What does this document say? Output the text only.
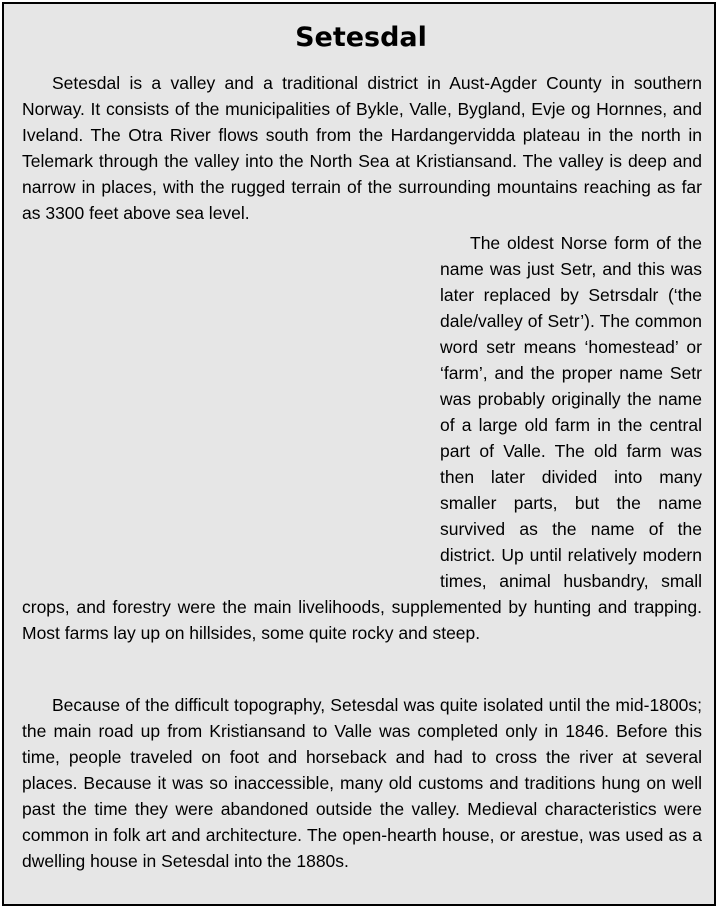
Setesdal

Setesdal is a valley and a traditional district in Aust-Agder County in southern Norway. It consists of the municipalities of Bykle, Valle, Bygland, Evje og Hornnes, and Iveland. The Otra River flows south from the Hardangervidda plateau in the north in Telemark through the valley into the North Sea at Kristiansand. The valley is deep and narrow in places, with the rugged terrain of the surrounding mountains reaching as far as 3300 feet above sea level.

The oldest Norse form of the name was just Setr, and this was later replaced by Setrsdalr (‘the dale/valley of Setr’). The common word setr means ‘homestead’ or ‘farm’, and the proper name Setr was probably originally the name of a large old farm in the central part of Valle. The old farm was then later divided into many smaller parts, but the name survived as the name of the district. Up until relatively modern times, animal husbandry, small crops, and forestry were the main livelihoods, supplemented by hunting and trapping. Most farms lay up on hillsides, some quite rocky and steep.

Because of the difficult topography, Setesdal was quite isolated until the mid-1800s; the main road up from Kristiansand to Valle was completed only in 1846. Before this time, people traveled on foot and horseback and had to cross the river at several places. Because it was so inaccessible, many old customs and traditions hung on well past the time they were abandoned outside the valley. Medieval characteristics were common in folk art and architecture. The open-hearth house, or arestue, was used as a dwelling house in Setesdal into the 1880s.
